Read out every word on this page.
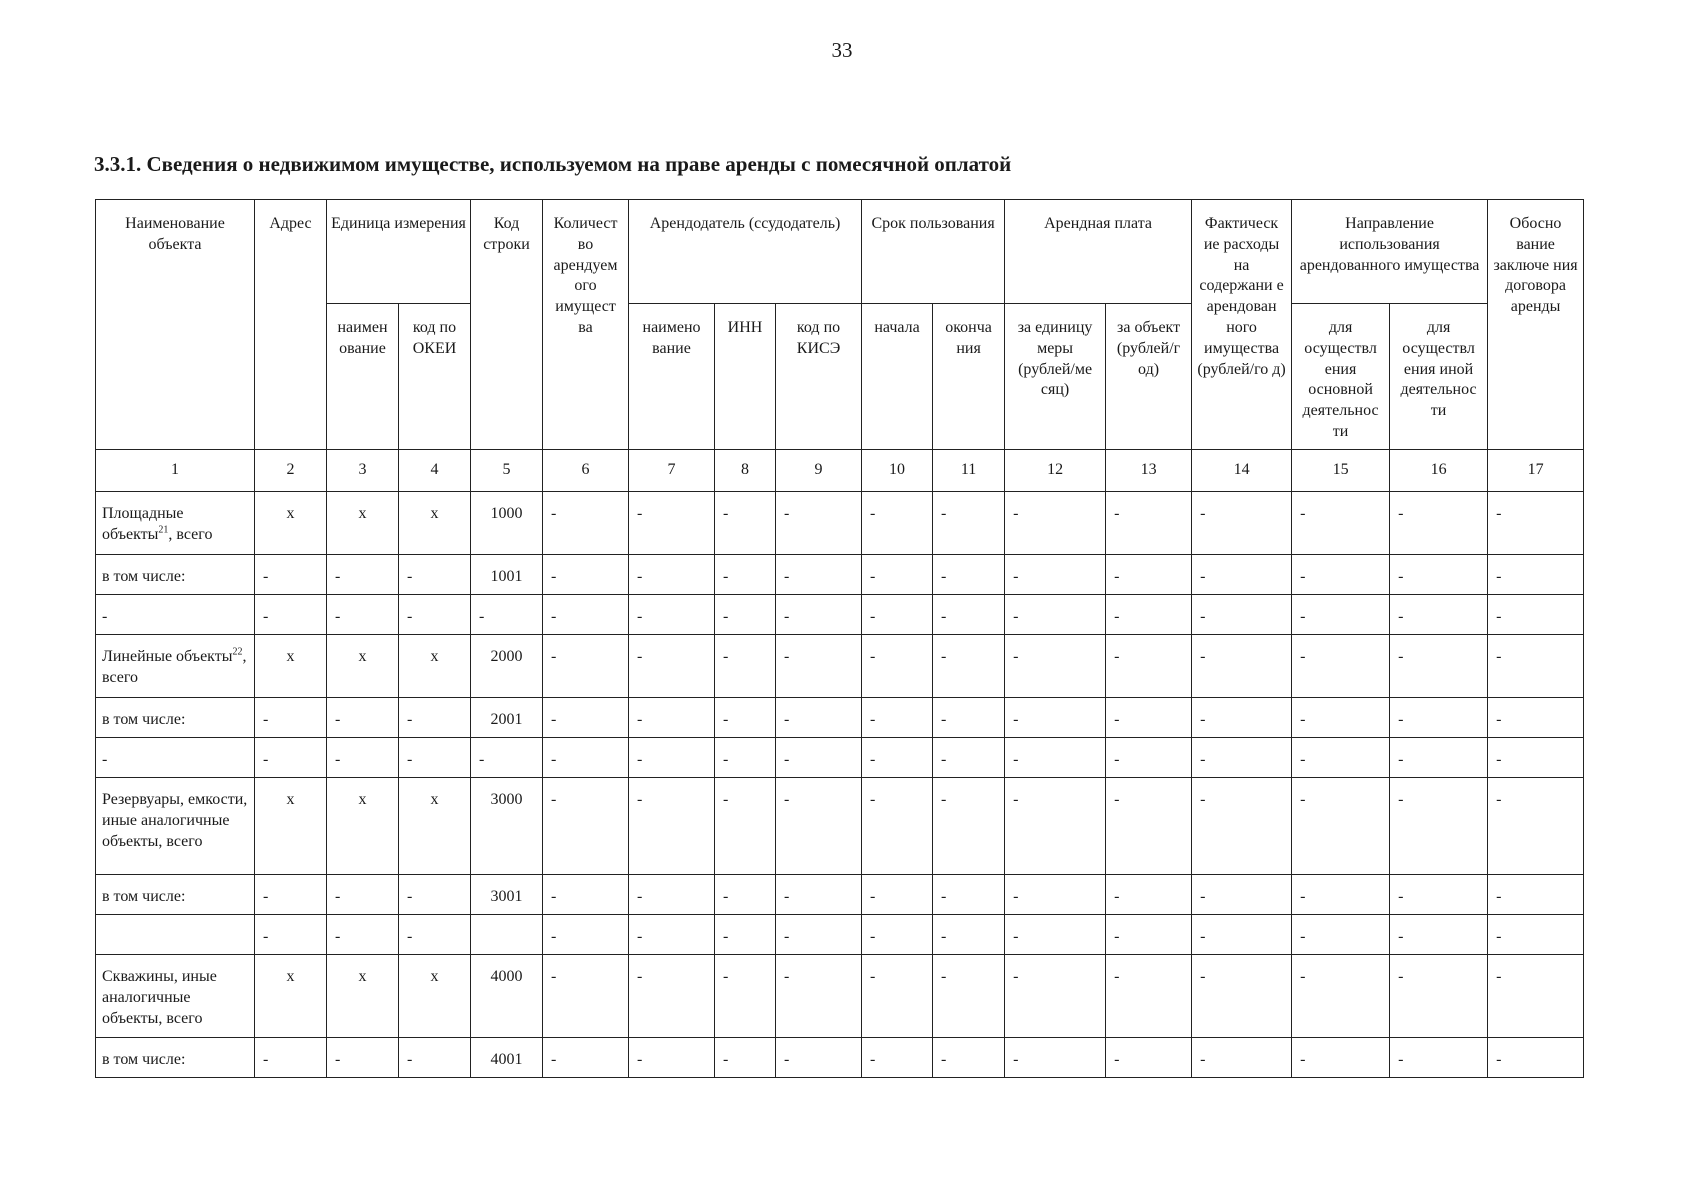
33
3.3.1. Сведения о недвижимом имуществе, используемом на праве аренды с помесячной оплатой
Наименование объекта	Адрес	Единица измерения		Код строки	Количест во арендуем ого имущест ва	Арендодатель (ссудодатель)			Срок пользования		Арендная плата		Фактическ ие расходы на содержани е арендован ного имущества (рублей/го д)	Направление использования арендованного имущества		Обосно вание заключе ния договора аренды
		наимен ование	код по ОКЕИ			наимено вание	ИНН	код по КИСЭ	начала	оконча ния	за единицу меры (рублей/ме сяц)	за объект (рублей/г од)		для осуществл ения основной деятельнос ти	для осуществл ения иной деятельнос ти	
1	2	3	4	5	6	7	8	9	10	11	12	13	14	15	16	17
Площадные объекты$^{21}$, всего	x	x	x	1000	-	-	-	-	-	-	-	-	-	-	-	-
в том числе:	-	-	-	1001	-	-	-	-	-	-	-	-	-	-	-	-
-	-	-	-	-	-	-	-	-	-	-	-	-	-	-	-	-
Линейные объекты$^{22}$, всего	x	x	x	2000	-	-	-	-	-	-	-	-	-	-	-	-
в том числе:	-	-	-	2001	-	-	-	-	-	-	-	-	-	-	-	-
-	-	-	-	-	-	-	-	-	-	-	-	-	-	-	-	-
Резервуары, емкости, иные аналогичные объекты, всего	x	x	x	3000	-	-	-	-	-	-	-	-	-	-	-	-
в том числе:	-	-	-	3001	-	-	-	-	-	-	-	-	-	-	-	-
	-	-	-		-	-	-	-	-	-	-	-	-	-	-	-
Скважины, иные аналогичные объекты, всего	x	x	x	4000	-	-	-	-	-	-	-	-	-	-	-	-
в том числе:	-	-	-	4001	-	-	-	-	-	-	-	-	-	-	-	-
